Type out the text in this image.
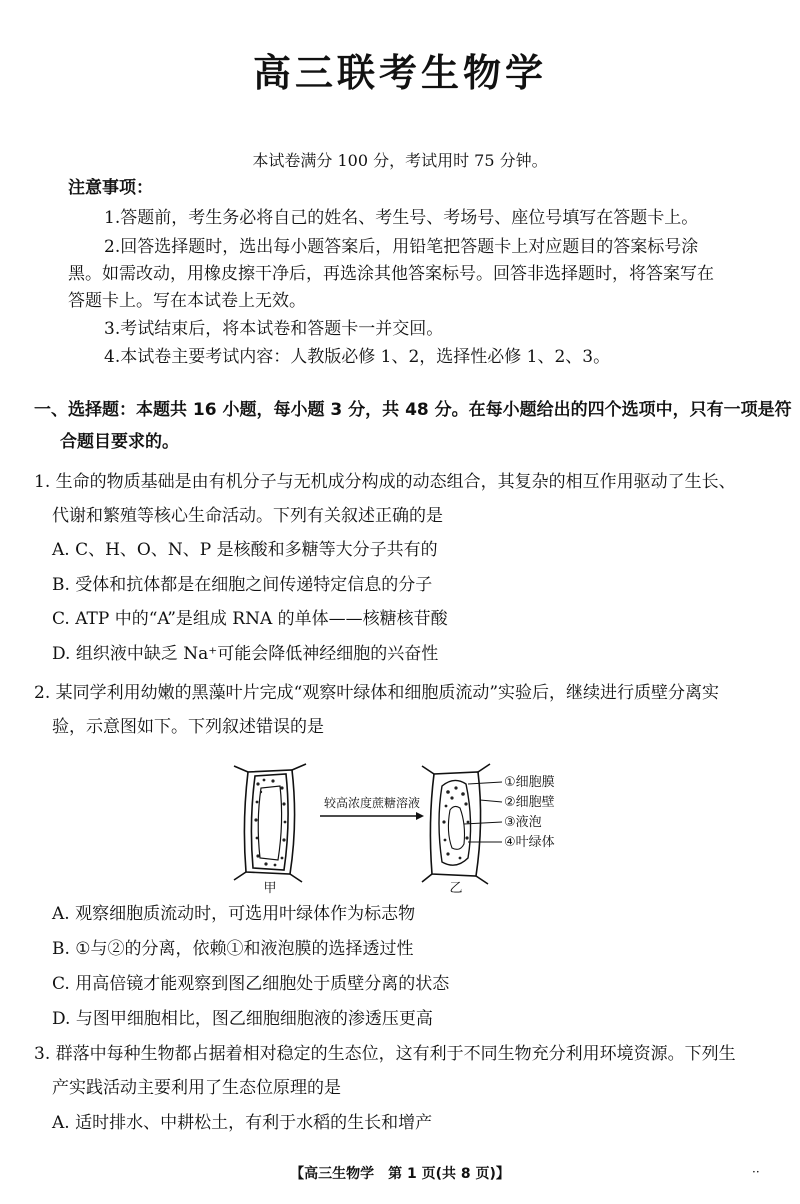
高三联考生物学
本试卷满分 100 分，考试用时 75 分钟。
注意事项：
1.答题前，考生务必将自己的姓名、考生号、考场号、座位号填写在答题卡上。
2.回答选择题时，选出每小题答案后，用铅笔把答题卡上对应题目的答案标号涂
黑。如需改动，用橡皮擦干净后，再选涂其他答案标号。回答非选择题时，将答案写在
答题卡上。写在本试卷上无效。
3.考试结束后，将本试卷和答题卡一并交回。
4.本试卷主要考试内容：人教版必修 1、2，选择性必修 1、2、3。
一、选择题：本题共 16 小题，每小题 3 分，共 48 分。在每小题给出的四个选项中，只有一项是符
合题目要求的。
1. 生命的物质基础是由有机分子与无机成分构成的动态组合，其复杂的相互作用驱动了生长、
代谢和繁殖等核心生命活动。下列有关叙述正确的是
A. C、H、O、N、P 是核酸和多糖等大分子共有的
B. 受体和抗体都是在细胞之间传递特定信息的分子
C. ATP 中的“A”是组成 RNA 的单体——核糖核苷酸
D. 组织液中缺乏 Na⁺可能会降低神经细胞的兴奋性
2. 某同学利用幼嫩的黑藻叶片完成“观察叶绿体和细胞质流动”实验后，继续进行质壁分离实
验，示意图如下。下列叙述错误的是
较高浓度蔗糖溶液
①细胞膜
②细胞壁
③液泡
④叶绿体
甲	乙
A. 观察细胞质流动时，可选用叶绿体作为标志物
B. ①与②的分离，依赖①和液泡膜的选择透过性
C. 用高倍镜才能观察到图乙细胞处于质壁分离的状态
D. 与图甲细胞相比，图乙细胞细胞液的渗透压更高
3. 群落中每种生物都占据着相对稳定的生态位，这有利于不同生物充分利用环境资源。下列生
产实践活动主要利用了生态位原理的是
A. 适时排水、中耕松土，有利于水稻的生长和增产
【高三生物学　第 1 页(共 8 页)】	··
